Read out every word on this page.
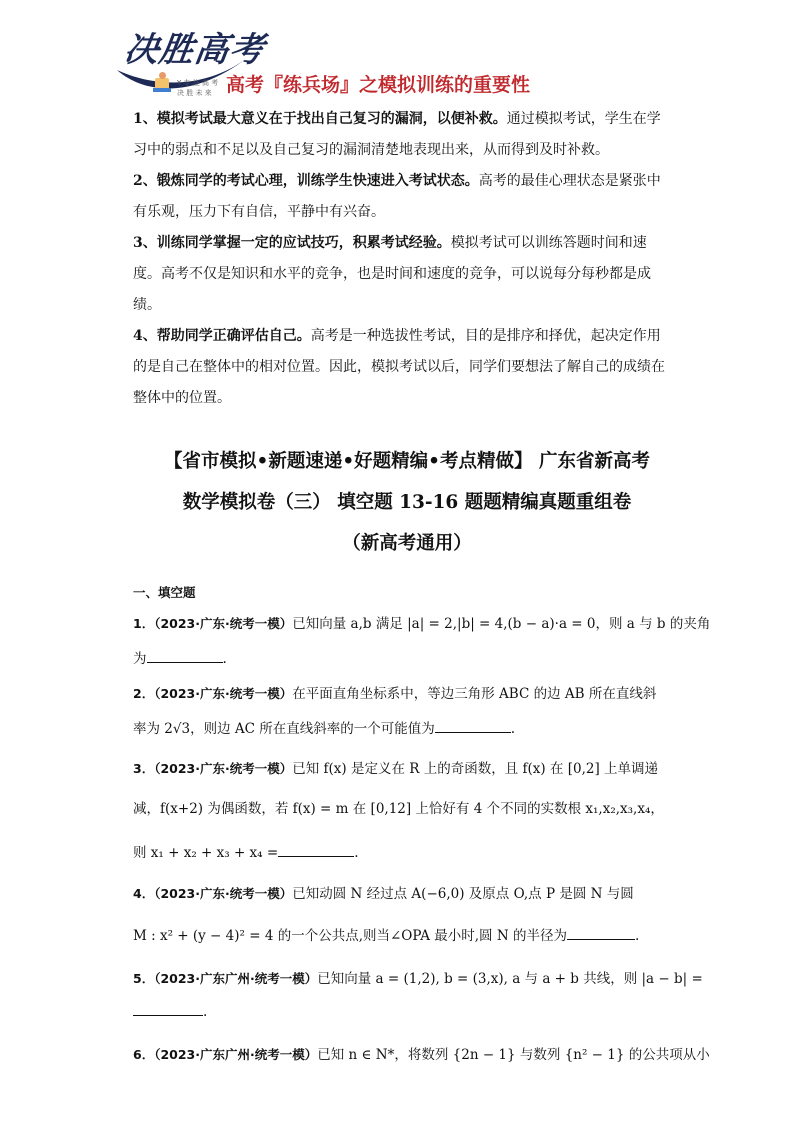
决胜高考
Y 专 注 高 考
决 胜 未 来 高考『练兵场』之模拟训练的重要性

1、模拟考试最大意义在于找出自己复习的漏洞，以便补救。通过模拟考试，学生在学习中的弱点和不足以及自己复习的漏洞清楚地表现出来，从而得到及时补救。

2、锻炼同学的考试心理，训练学生快速进入考试状态。高考的最佳心理状态是紧张中有乐观，压力下有自信，平静中有兴奋。

3、训练同学掌握一定的应试技巧，积累考试经验。模拟考试可以训练答题时间和速度。高考不仅是知识和水平的竞争，也是时间和速度的竞争，可以说每分每秒都是成绩。

4、帮助同学正确评估自己。高考是一种选拔性考试，目的是排序和择优，起决定作用的是自己在整体中的相对位置。因此，模拟考试以后，同学们要想法了解自己的成绩在整体中的位置。

【省市模拟•新题速递•好题精编•考点精做】 广东省新高考
数学模拟卷（三） 填空题 13-16 题题精编真题重组卷
（新高考通用）
一、填空题
1．（2023·广东·统考一模）已知向量 a,b 满足 |a| = 2,|b| = 4,(b − a)·a = 0，则 a 与 b 的夹角
为	.
2．（2023·广东·统考一模）在平面直角坐标系中，等边三角形 ABC 的边 AB 所在直线斜
率为 2√3，则边 AC 所在直线斜率的一个可能值为	.
3．（2023·广东·统考一模）已知 f(x) 是定义在 R 上的奇函数，且 f(x) 在 [0,2] 上单调递
减，f(x+2) 为偶函数，若 f(x) = m 在 [0,12] 上恰好有 4 个不同的实数根 x₁,x₂,x₃,x₄，
则 x₁ + x₂ + x₃ + x₄ =	.
4．（2023·广东·统考一模）已知动圆 N 经过点 A(−6,0) 及原点 O,点 P 是圆 N 与圆
M : x² + (y − 4)² = 4 的一个公共点,则当∠OPA 最小时,圆 N 的半径为	.
5．（2023·广东广州·统考一模）已知向量 a = (1,2), b = (3,x), a 与 a + b 共线，则 |a − b| =
.
6．（2023·广东广州·统考一模）已知 n ∈ N*，将数列 {2n − 1} 与数列 {n² − 1} 的公共项从小
